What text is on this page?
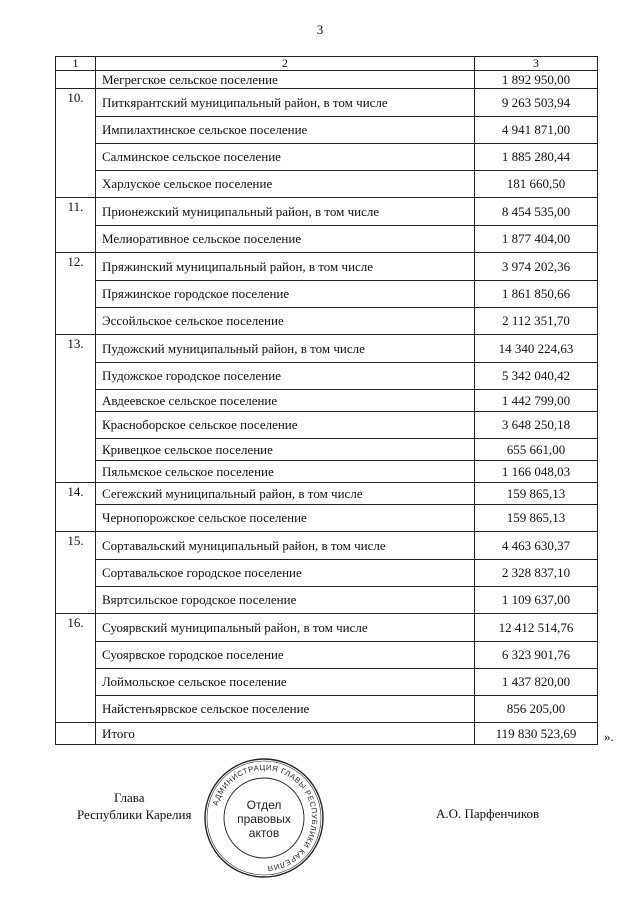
3
1	2	3
	Мегрегское сельское поселение	1 892 950,00
10.	Питкярантский муниципальный район, в том числе	9 263 503,94
	Импилахтинское сельское поселение	4 941 871,00
	Салминское сельское поселение	1 885 280,44
	Харлуское сельское поселение	181 660,50
11.	Прионежский муниципальный район, в том числе	8 454 535,00
	Мелиоративное сельское поселение	1 877 404,00
12.	Пряжинский муниципальный район, в том числе	3 974 202,36
	Пряжинское городское поселение	1 861 850,66
	Эссойльское сельское поселение	2 112 351,70
13.	Пудожский муниципальный район, в том числе	14 340 224,63
	Пудожское городское поселение	5 342 040,42
	Авдеевское сельское поселение	1 442 799,00
	Красноборское сельское поселение	3 648 250,18
	Кривецкое сельское поселение	655 661,00
	Пяльмское сельское поселение	1 166 048,03
14.	Сегежский муниципальный район, в том числе	159 865,13
	Чернопорожское сельское поселение	159 865,13
15.	Сортавальский муниципальный район, в том числе	4 463 630,37
	Сортавальское городское поселение	2 328 837,10
	Вяртсильское городское поселение	1 109 637,00
16.	Суоярвский муниципальный район, в том числе	12 412 514,76
	Суоярвское городское поселение	6 323 901,76
	Лоймольское сельское поселение	1 437 820,00
	Найстенъярвское сельское поселение	856 205,00
	Итого	119 830 523,69 ».
Глава
Республики Карелия
АДМИНИСТРАЦИЯ ГЛАВЫ РЕСПУБЛИКИ КАРЕЛИЯ
Отдел
правовых
актов
А.О. Парфенчиков
